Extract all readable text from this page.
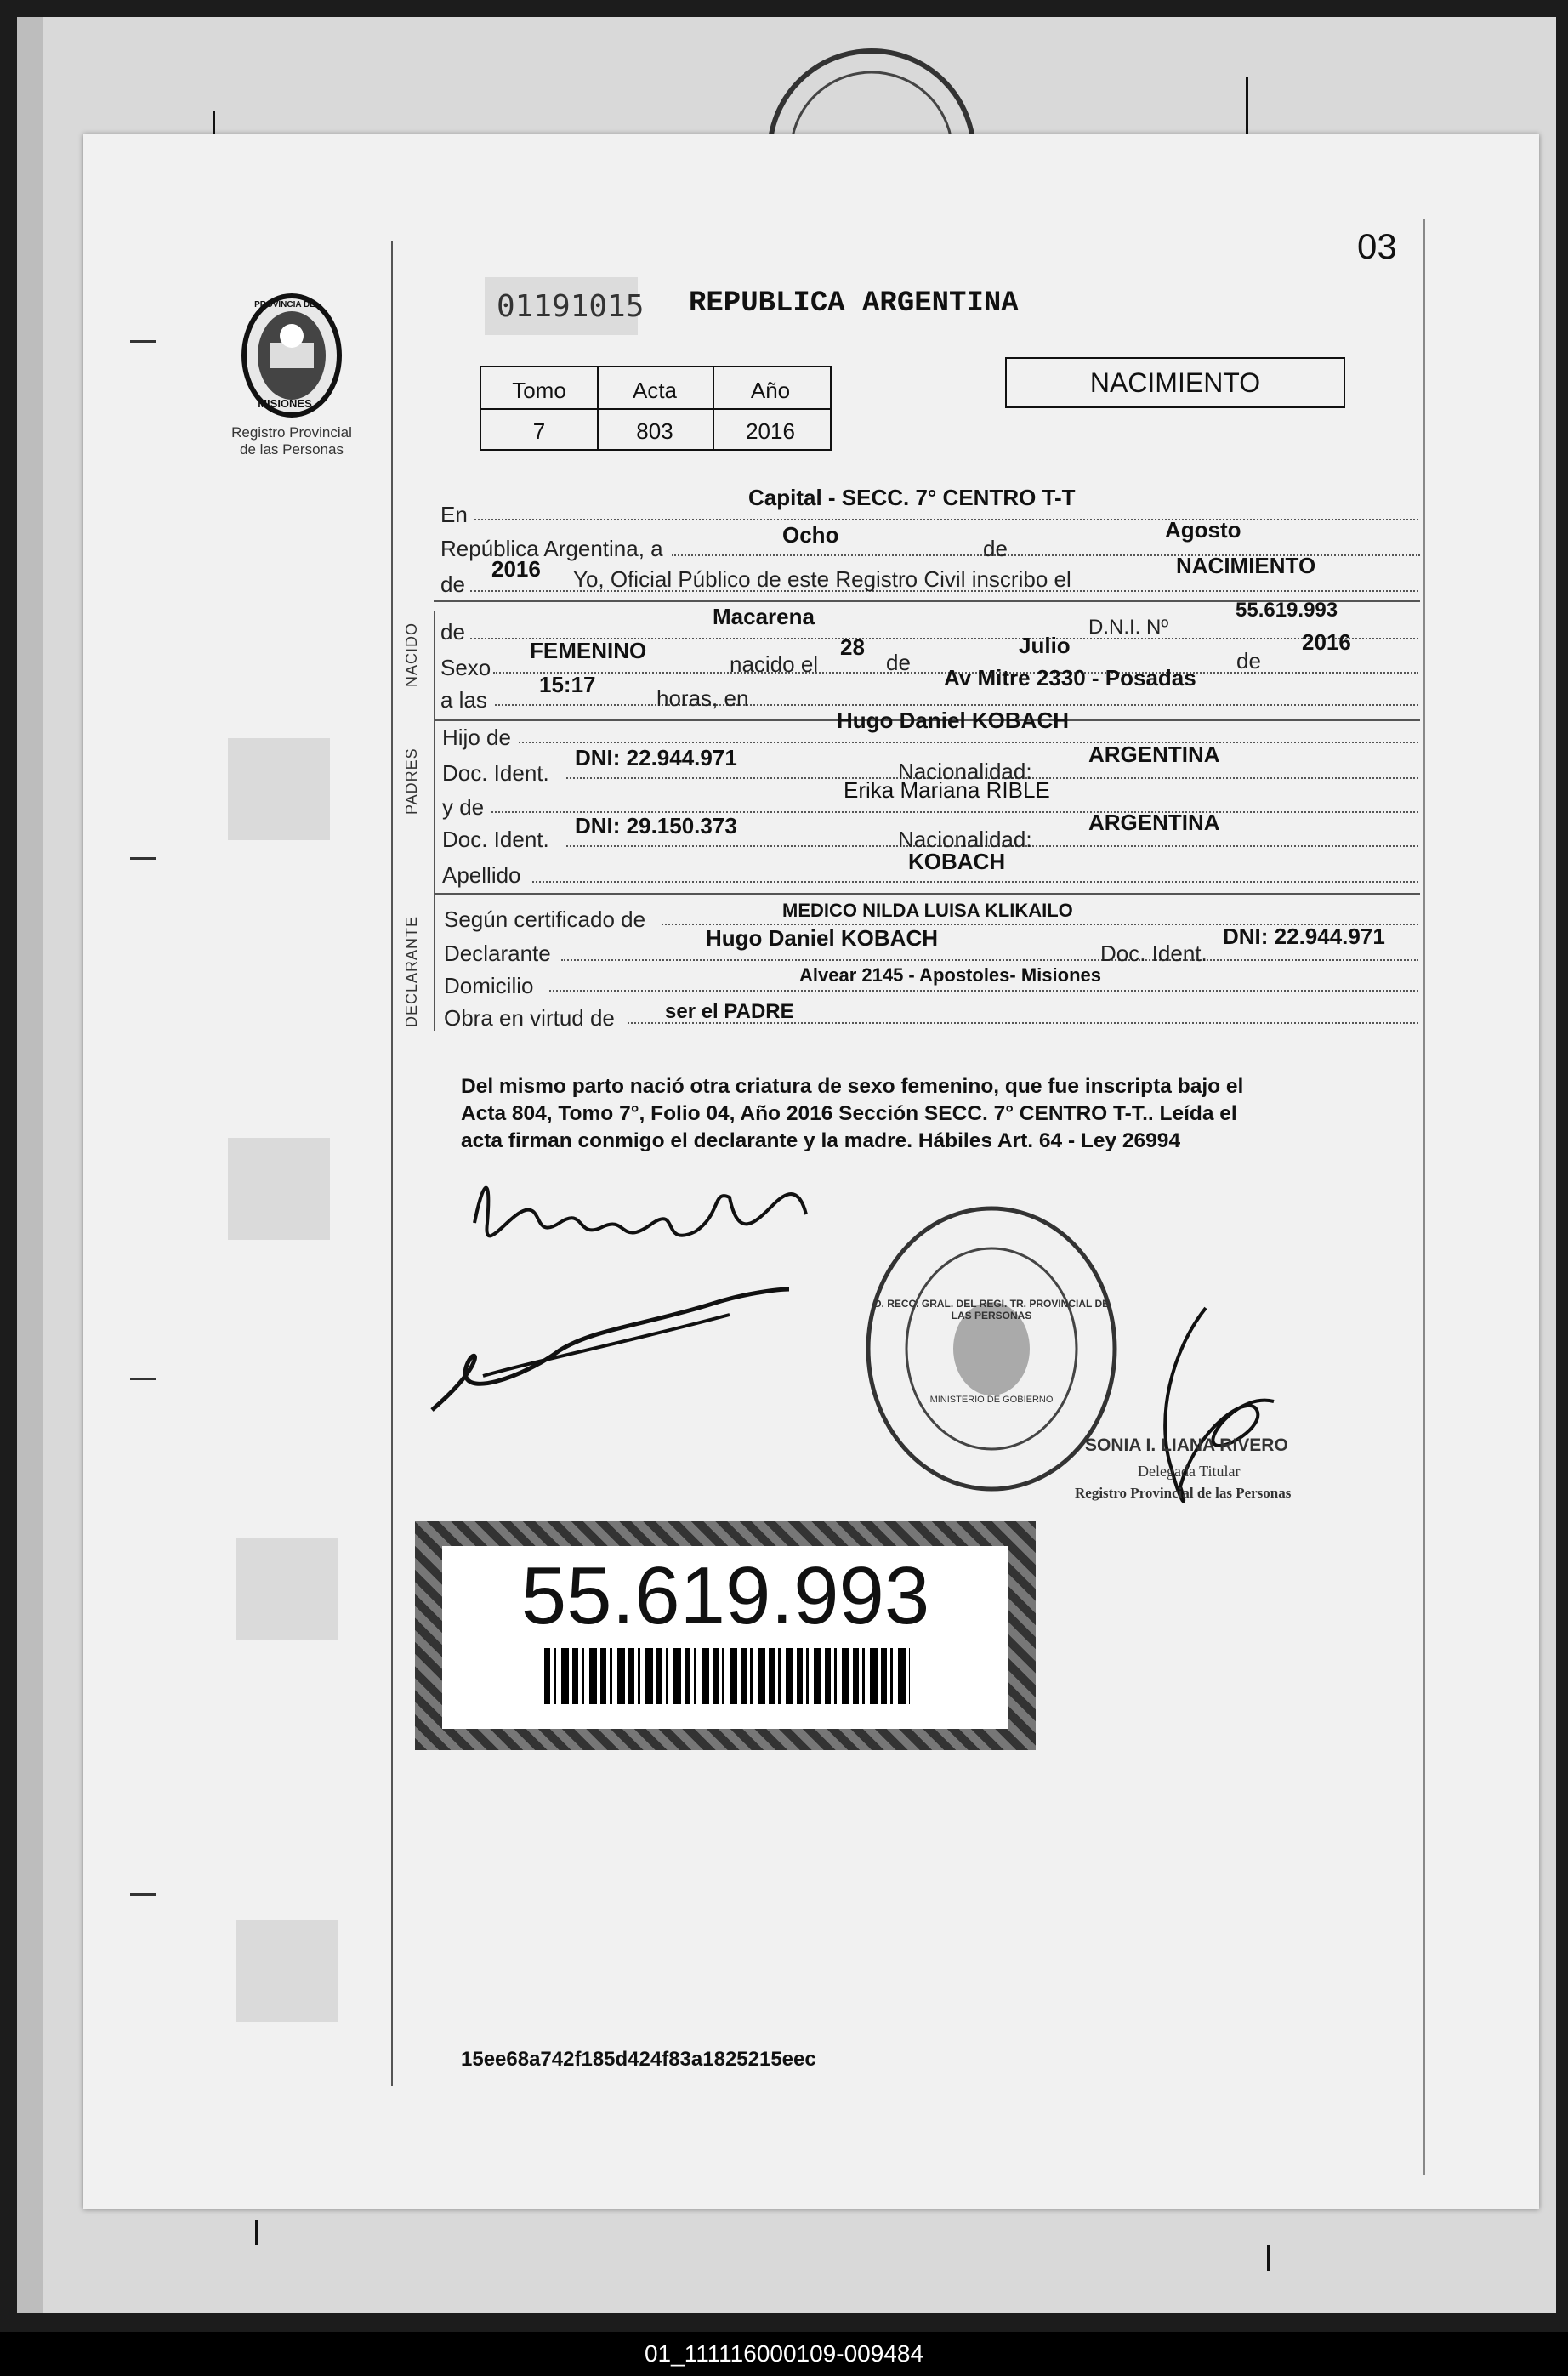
03
PROVINCIA DE
MISIONES
Registro Provincial
de las Personas
01191015 REPUBLICA ARGENTINA
Tomo	Acta	Año
7	803	2016
NACIMIENTO
En
Capital - SECC. 7° CENTRO T-T
República Argentina, a
Ocho
de
Agosto
de
2016 Yo, Oficial Público de este Registro Civil inscribo el
NACIMIENTO
NACIDO de
Macarena	D.N.I. Nº
55.619.993
Sexo
FEMENINO
nacido el
28
de
Julio
de
2016
a las
15:17
horas, en
Av Mitre 2330 - Posadas
PADRES
Hijo de
Hugo Daniel KOBACH
Doc. Ident.
DNI: 22.944.971
Nacionalidad:
ARGENTINA
y de
Erika Mariana RIBLE
Doc. Ident.
DNI: 29.150.373
Nacionalidad:
ARGENTINA
Apellido
KOBACH
DECLARANTE Según certificado de	MEDICO NILDA LUISA KLIKAILO
Declarante
Hugo Daniel KOBACH
Doc. Ident.
DNI: 22.944.971
Domicilio	Alvear 2145 - Apostoles- Misiones
Obra en virtud de ser el PADRE
Del mismo parto nació otra criatura de sexo femenino, que fue inscripta bajo el
Acta 804, Tomo 7°, Folio 04, Año 2016 Sección SECC. 7° CENTRO T-T.. Leída el
acta firman conmigo el declarante y la madre. Hábiles Art. 64 - Ley 26994
D. RECC. GRAL. DEL REGI. TR. PROVINCIAL DE LAS PERSONAS
MINISTERIO DE GOBIERNO
SONIA I. LIANA RIVERO
Delegada Titular
Registro Provincial de las Personas
55.619.993
15ee68a742f185d424f83a1825215eec
01_111116000109-009484
